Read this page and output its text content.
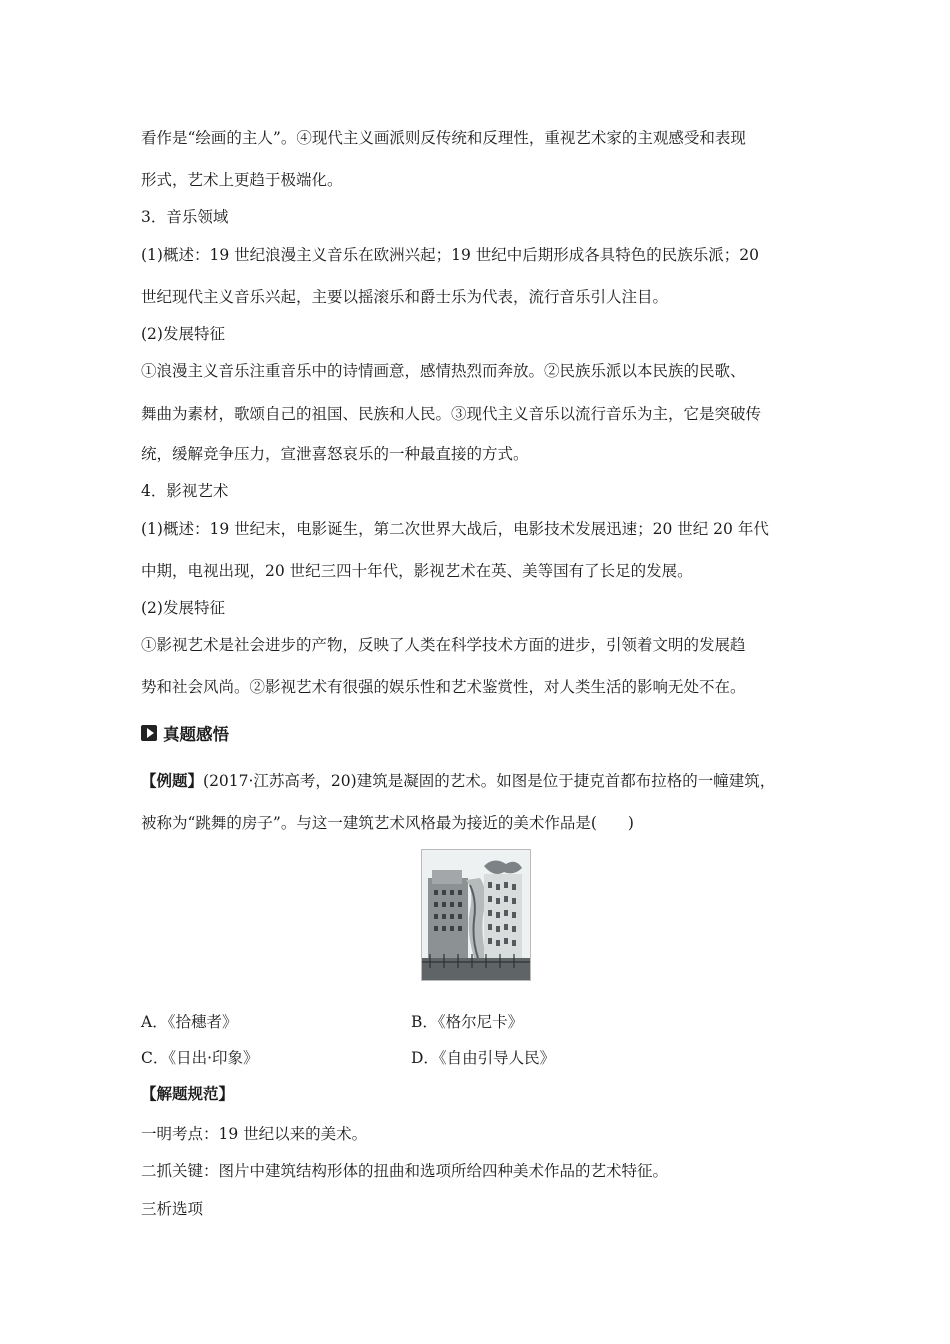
看作是“绘画的主人”。④现代主义画派则反传统和反理性，重视艺术家的主观感受和表现
形式，艺术上更趋于极端化。
3．音乐领域
(1)概述：19 世纪浪漫主义音乐在欧洲兴起；19 世纪中后期形成各具特色的民族乐派；20
世纪现代主义音乐兴起，主要以摇滚乐和爵士乐为代表，流行音乐引人注目。
(2)发展特征
①浪漫主义音乐注重音乐中的诗情画意，感情热烈而奔放。②民族乐派以本民族的民歌、
舞曲为素材，歌颂自己的祖国、民族和人民。③现代主义音乐以流行音乐为主，它是突破传
统，缓解竞争压力，宣泄喜怒哀乐的一种最直接的方式。
4．影视艺术
(1)概述：19 世纪末，电影诞生，第二次世界大战后，电影技术发展迅速；20 世纪 20 年代
中期，电视出现，20 世纪三四十年代，影视艺术在英、美等国有了长足的发展。
(2)发展特征
①影视艺术是社会进步的产物，反映了人类在科学技术方面的进步，引领着文明的发展趋
势和社会风尚。②影视艺术有很强的娱乐性和艺术鉴赏性，对人类生活的影响无处不在。
真题感悟
【例题】(2017·江苏高考，20)建筑是凝固的艺术。如图是位于捷克首都布拉格的一幢建筑，
被称为“跳舞的房子”。与这一建筑艺术风格最为接近的美术作品是(　　)
A．《拾穗者》	B．《格尔尼卡》
C．《日出·印象》	D．《自由引导人民》
【解题规范】
一明考点：19 世纪以来的美术。
二抓关键：图片中建筑结构形体的扭曲和选项所给四种美术作品的艺术特征。
三析选项
